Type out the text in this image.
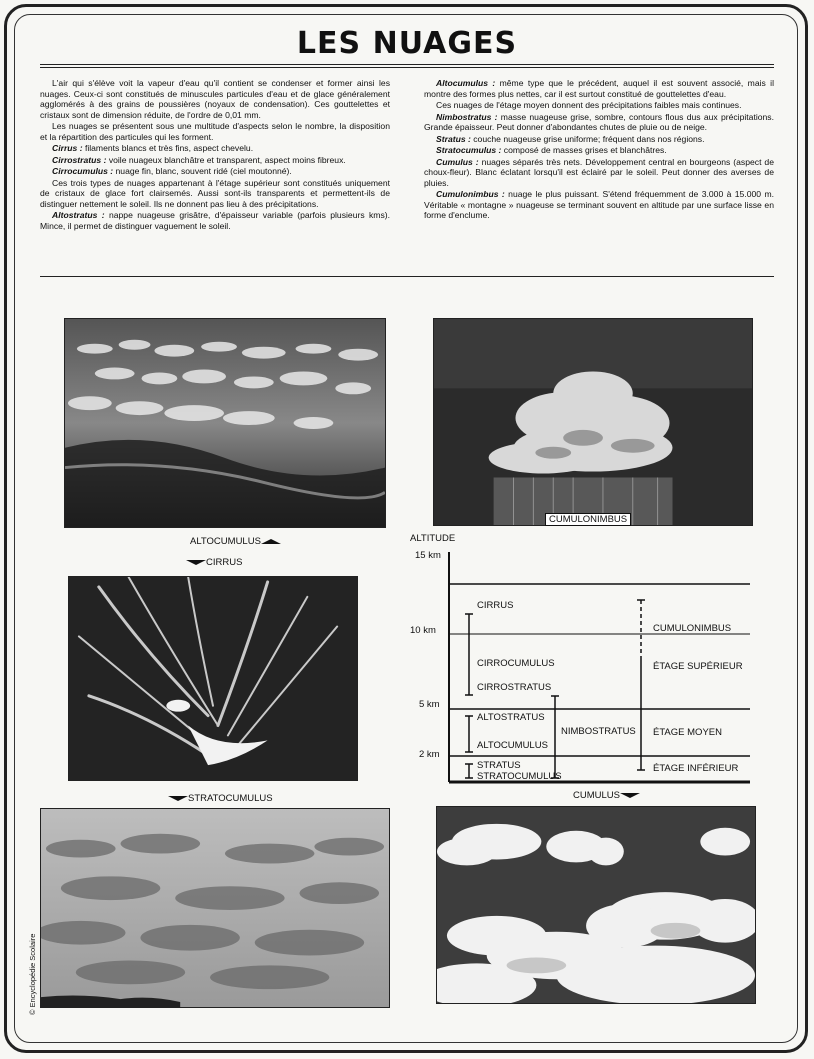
LES NUAGES

L'air qui s'élève voit la vapeur d'eau qu'il contient se condenser et former ainsi les nuages. Ceux-ci sont constitués de minuscules particules d'eau et de glace généralement agglomérés à des grains de poussières (noyaux de condensation). Ces gouttelettes et cristaux sont de dimension réduite, de l'ordre de 0,01 mm.

Les nuages se présentent sous une multitude d'aspects selon le nombre, la disposition et la répartition des particules qui les forment.

Cirrus : filaments blancs et très fins, aspect chevelu.

Cirrostratus : voile nuageux blanchâtre et transparent, aspect moins fibreux.

Cirrocumulus : nuage fin, blanc, souvent ridé (ciel moutonné).

Ces trois types de nuages appartenant à l'étage supérieur sont constitués uniquement de cristaux de glace fort clairsemés. Aussi sont-ils transparents et permettent-ils de distinguer nettement le soleil. Ils ne donnent pas lieu à des précipitations.

Altostratus : nappe nuageuse grisâtre, d'épaisseur variable (parfois plusieurs kms). Mince, il permet de distinguer vaguement le soleil.

Altocumulus : même type que le précédent, auquel il est souvent associé, mais il montre des formes plus nettes, car il est surtout constitué de gouttelettes d'eau.

Ces nuages de l'étage moyen donnent des précipitations faibles mais continues.

Nimbostratus : masse nuageuse grise, sombre, contours flous dus aux précipitations. Grande épaisseur. Peut donner d'abondantes chutes de pluie ou de neige.

Stratus : couche nuageuse grise uniforme; fréquent dans nos régions.

Stratocumulus : composé de masses grises et blanchâtres.

Cumulus : nuages séparés très nets. Développement central en bourgeons (aspect de choux-fleur). Blanc éclatant lorsqu'il est éclairé par le soleil. Peut donner des averses de pluies.

Cumulonimbus : nuage le plus puissant. S'étend fréquemment de 3.000 à 15.000 m. Véritable « montagne » nuageuse se terminant souvent en altitude par une surface lisse en forme d'enclume.

ALTOCUMULUS
CUMULONIMBUS
CIRRUS
STRATOCUMULUS	CUMULUS
ALTITUDE
15 km
10 km
5 km
2 km
CIRRUS
CIRROCUMULUS
CIRROSTRATUS
ALTOSTRATUS
ALTOCUMULUS
STRATUS
STRATOCUMULUS
NIMBOSTRATUS
CUMULONIMBUS
ÉTAGE SUPÉRIEUR
ÉTAGE MOYEN
ÉTAGE INFÉRIEUR
© Encyclopédie Scolaire
